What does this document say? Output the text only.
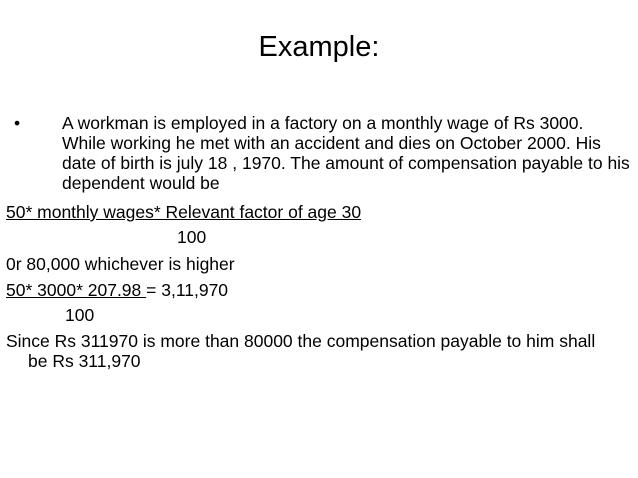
Example:
• A workman is employed in a factory on a monthly wage of Rs 3000. While working he met with an accident and dies on October 2000. His date of birth is july 18 , 1970. The amount of compensation payable to his dependent would be
50* monthly wages* Relevant factor of age 30
100
0r 80,000 whichever is higher
50* 3000* 207.98 = 3,11,970
100
Since Rs 311970 is more than 80000 the compensation payable to him shall be Rs 311,970
